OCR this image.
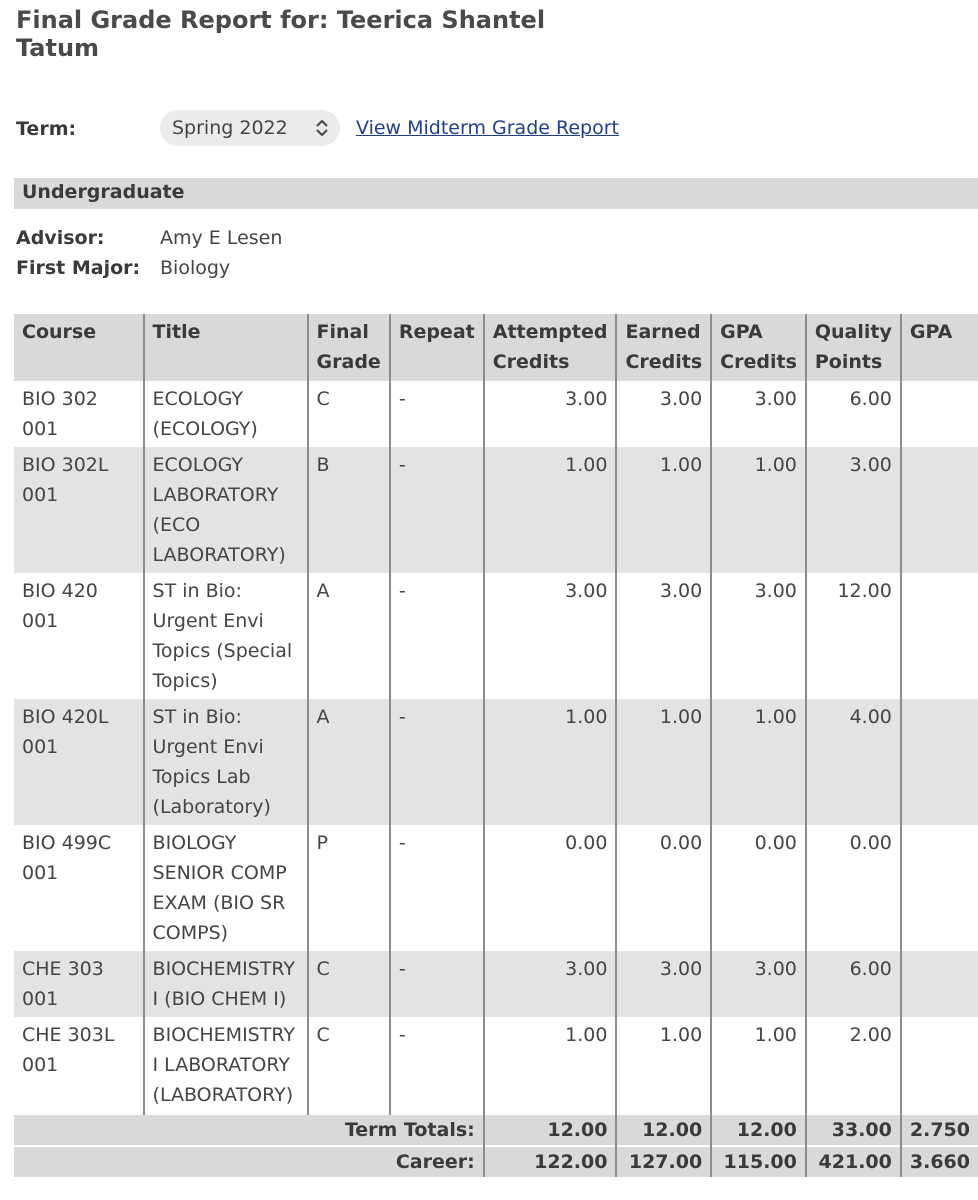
Final Grade Report for: Teerica Shantel Tatum
Term:	Spring 2022	View Midterm Grade Report
Undergraduate
Advisor:	Amy E Lesen
First Major: Biology
Course	Title	Final Grade	Repeat	Attempted Credits	Earned Credits	GPA Credits	Quality Points	GPA
BIO 302 001	ECOLOGY (ECOLOGY)	C	-	3.00	3.00	3.00	6.00	
BIO 302L 001	ECOLOGY LABORATORY (ECO LABORATORY)	B	-	1.00	1.00	1.00	3.00	
BIO 420 001	ST in Bio: Urgent Envi Topics (Special Topics)	A	-	3.00	3.00	3.00	12.00	
BIO 420L 001	ST in Bio: Urgent Envi Topics Lab (Laboratory)	A	-	1.00	1.00	1.00	4.00	
BIO 499C 001	BIOLOGY SENIOR COMP EXAM (BIO SR COMPS)	P	-	0.00	0.00	0.00	0.00	
CHE 303 001	BIOCHEMISTRY I (BIO CHEM I)	C	-	3.00	3.00	3.00	6.00	
CHE 303L 001	BIOCHEMISTRY I LABORATORY (LABORATORY)	C	-	1.00	1.00	1.00	2.00	
Term Totals:				12.00	12.00	12.00	33.00	2.750
Career:				122.00	127.00	115.00	421.00	3.660
